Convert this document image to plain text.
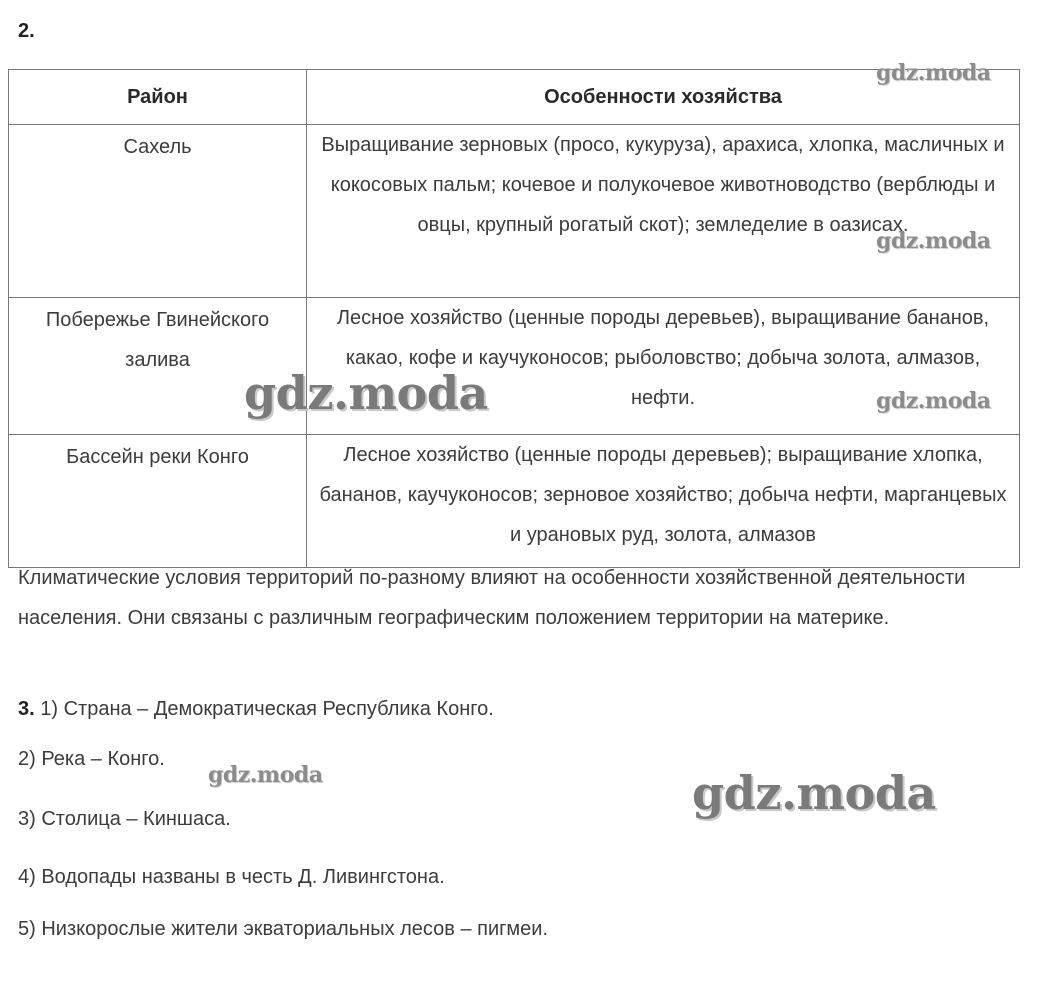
2.
Район	Особенности хозяйства
Сахель	Выращивание зерновых (просо, кукуруза), арахиса, хлопка, масличных и кокосовых пальм; кочевое и полукочевое животноводство (верблюды и овцы, крупный рогатый скот); земледелие в оазисах.
Побережье Гвинейского залива	Лесное хозяйство (ценные породы деревьев), выращивание бананов, какао, кофе и каучуконосов; рыболовство; добыча золота, алмазов, нефти.
Бассейн реки Конго	Лесное хозяйство (ценные породы деревьев); выращивание хлопка, бананов, каучуконосов; зерновое хозяйство; добыча нефти, марганцевых и урановых руд, золота, алмазов
Климатические условия территорий по-разному влияют на особенности хозяйственной деятельности населения. Они связаны с различным географическим положением территории на материке.
3. 1) Страна – Демократическая Республика Конго.
2) Река – Конго.
3) Столица – Киншаса.
4) Водопады названы в честь Д. Ливингстона.
5) Низкорослые жители экваториальных лесов – пигмеи.
gdz.moda
gdz.moda
gdz.moda	gdz.moda
gdz.moda	gdz.moda
